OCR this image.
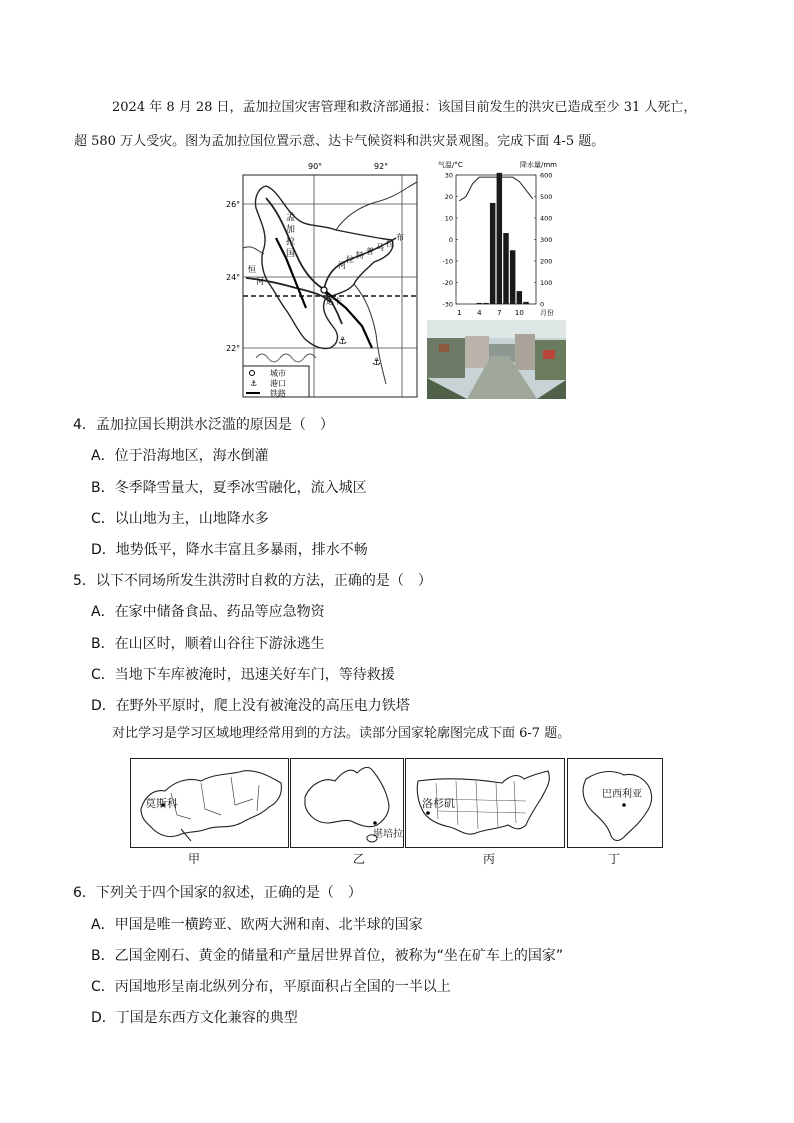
2024 年 8 月 28 日，孟加拉国灾害管理和救济部通报：该国目前发生的洪灾已造成至少 31 人死亡，
超 580 万人受灾。图为孟加拉国位置示意、达卡气候资料和洪灾景观图。完成下面 4-5 题。
⚓
⚓
90°	92°
26°
24°
22°
孟
加
拉
国
布
拉
马
普
特
拉
河
恒
河
达卡
⚓
城市
港口
铁路
气温/°C	降水量/mm
30
20
10
0
-10
-20
-30
600
500
400
300
200
100
0
1 4 7 10 月份
4．孟加拉国长期洪水泛滥的原因是（　）
A．位于沿海地区，海水倒灌
B．冬季降雪量大，夏季冰雪融化，流入城区
C．以山地为主，山地降水多
D．地势低平，降水丰富且多暴雨，排水不畅
5．以下不同场所发生洪涝时自救的方法，正确的是（　）
A．在家中储备食品、药品等应急物资
B．在山区时，顺着山谷往下游泳逃生
C．当地下车库被淹时，迅速关好车门，等待救援
D．在野外平原时，爬上没有被淹没的高压电力铁塔
对比学习是学习区域地理经常用到的方法。读部分国家轮廓图完成下面 6-7 题。
莫斯科
甲
堪培拉
乙
洛杉矶
丙
巴西利亚
丁
6．下列关于四个国家的叙述，正确的是（　）
A．甲国是唯一横跨亚、欧两大洲和南、北半球的国家
B．乙国金刚石、黄金的储量和产量居世界首位，被称为“坐在矿车上的国家”
C．丙国地形呈南北纵列分布，平原面积占全国的一半以上
D．丁国是东西方文化兼容的典型
